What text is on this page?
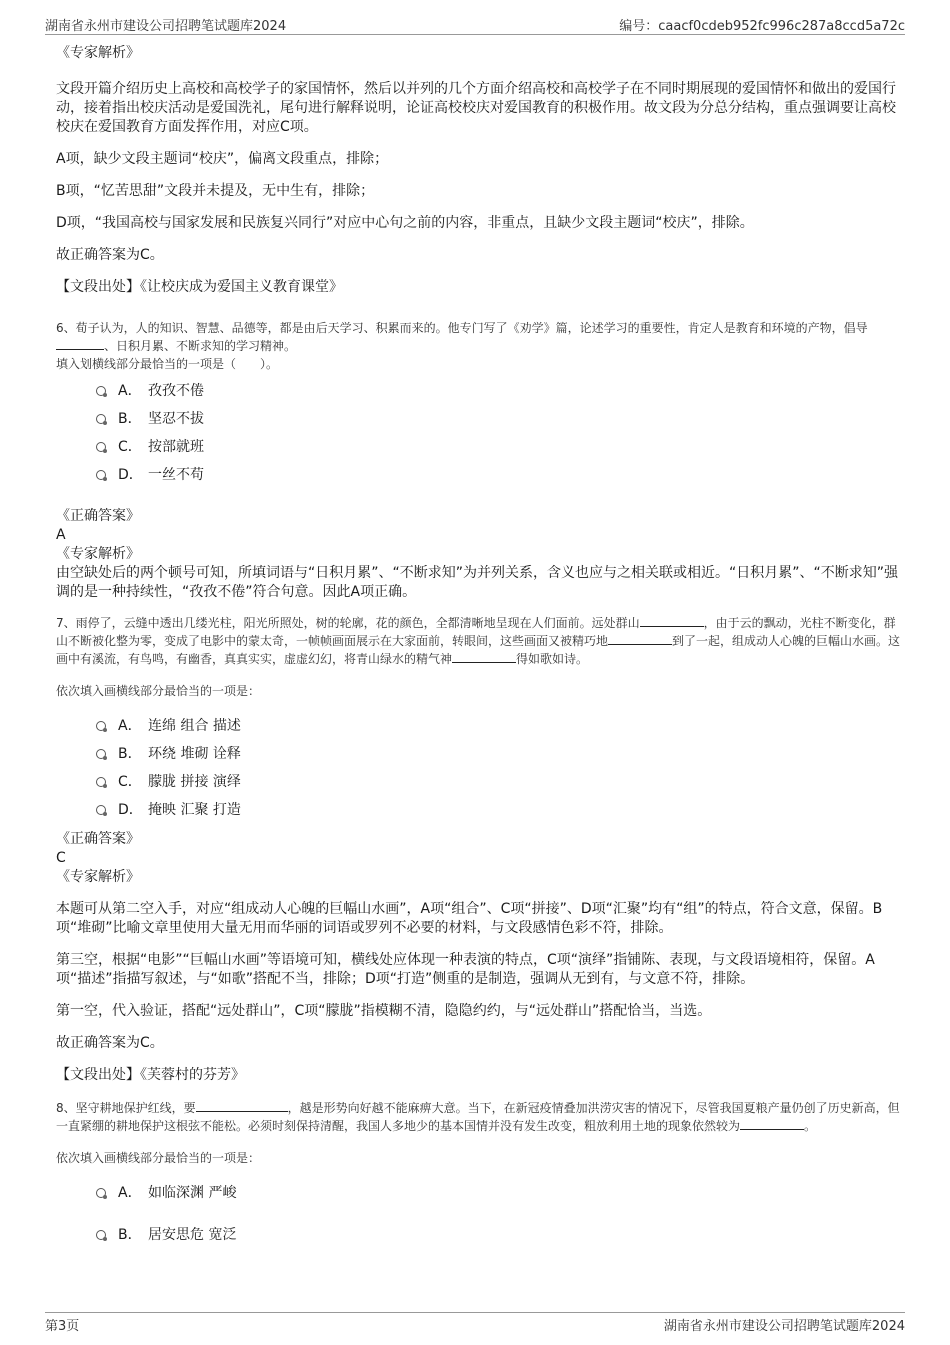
湖南省永州市建设公司招聘笔试题库2024	编号：caacf0cdeb952fc996c287a8ccd5a72c

《专家解析》

文段开篇介绍历史上高校和高校学子的家国情怀，然后以并列的几个方面介绍高校和高校学子在不同时期展现的爱国情怀和做出的爱国行动，接着指出校庆活动是爱国洗礼，尾句进行解释说明，论证高校校庆对爱国教育的积极作用。故文段为分总分结构，重点强调要让高校校庆在爱国教育方面发挥作用，对应C项。

A项，缺少文段主题词“校庆”，偏离文段重点，排除；

B项，“忆苦思甜”文段并未提及，无中生有，排除；

D项，“我国高校与国家发展和民族复兴同行”对应中心句之前的内容，非重点，且缺少文段主题词“校庆”，排除。

故正确答案为C。

【文段出处】《让校庆成为爱国主义教育课堂》

6、荀子认为，人的知识、智慧、品德等，都是由后天学习、积累而来的。他专门写了《劝学》篇，论述学习的重要性，肯定人是教育和环境的产物，倡导、日积月累、不断求知的学习精神。

填入划横线部分最恰当的一项是（　　）。

A． 孜孜不倦
B． 坚忍不拔
C． 按部就班
D． 一丝不苟

《正确答案》

A

《专家解析》

由空缺处后的两个顿号可知，所填词语与“日积月累”、“不断求知”为并列关系，含义也应与之相关联或相近。“日积月累”、“不断求知”强调的是一种持续性，“孜孜不倦”符合句意。因此A项正确。

7、雨停了，云缝中透出几缕光柱，阳光所照处，树的轮廓，花的颜色，全都清晰地呈现在人们面前。远处群山	，由于云的飘动，光柱不断变化，群山不断被化整为零，变成了电影中的蒙太奇，一帧帧画面展示在大家面前，转眼间，这些画面又被精巧地	到了一起，组成动人心魄的巨幅山水画。这画中有溪流，有鸟鸣，有幽香，真真实实，虚虚幻幻，将青山绿水的精气神	得如歌如诗。

依次填入画横线部分最恰当的一项是：

A． 连绵 组合 描述
B． 环绕 堆砌 诠释
C． 朦胧 拼接 演绎
D． 掩映 汇聚 打造

《正确答案》

C

《专家解析》

本题可从第二空入手，对应“组成动人心魄的巨幅山水画”，A项“组合”、C项“拼接”、D项“汇聚”均有“组”的特点，符合文意，保留。B项“堆砌”比喻文章里使用大量无用而华丽的词语或罗列不必要的材料，与文段感情色彩不符，排除。

第三空，根据“电影”“巨幅山水画”等语境可知，横线处应体现一种表演的特点，C项“演绎”指铺陈、表现，与文段语境相符，保留。A项“描述”指描写叙述，与“如歌”搭配不当，排除；D项“打造”侧重的是制造，强调从无到有，与文意不符，排除。

第一空，代入验证，搭配“远处群山”，C项“朦胧”指模糊不清，隐隐约约，与“远处群山”搭配恰当，当选。

故正确答案为C。

【文段出处】《芙蓉村的芬芳》

8、坚守耕地保护红线，要	，越是形势向好越不能麻痹大意。当下，在新冠疫情叠加洪涝灾害的情况下，尽管我国夏粮产量仍创了历史新高，但一直紧绷的耕地保护这根弦不能松。必须时刻保持清醒，我国人多地少的基本国情并没有发生改变，粗放利用土地的现象依然较为	。

依次填入画横线部分最恰当的一项是：

A． 如临深渊 严峻
B． 居安思危 宽泛
第3页	湖南省永州市建设公司招聘笔试题库2024
